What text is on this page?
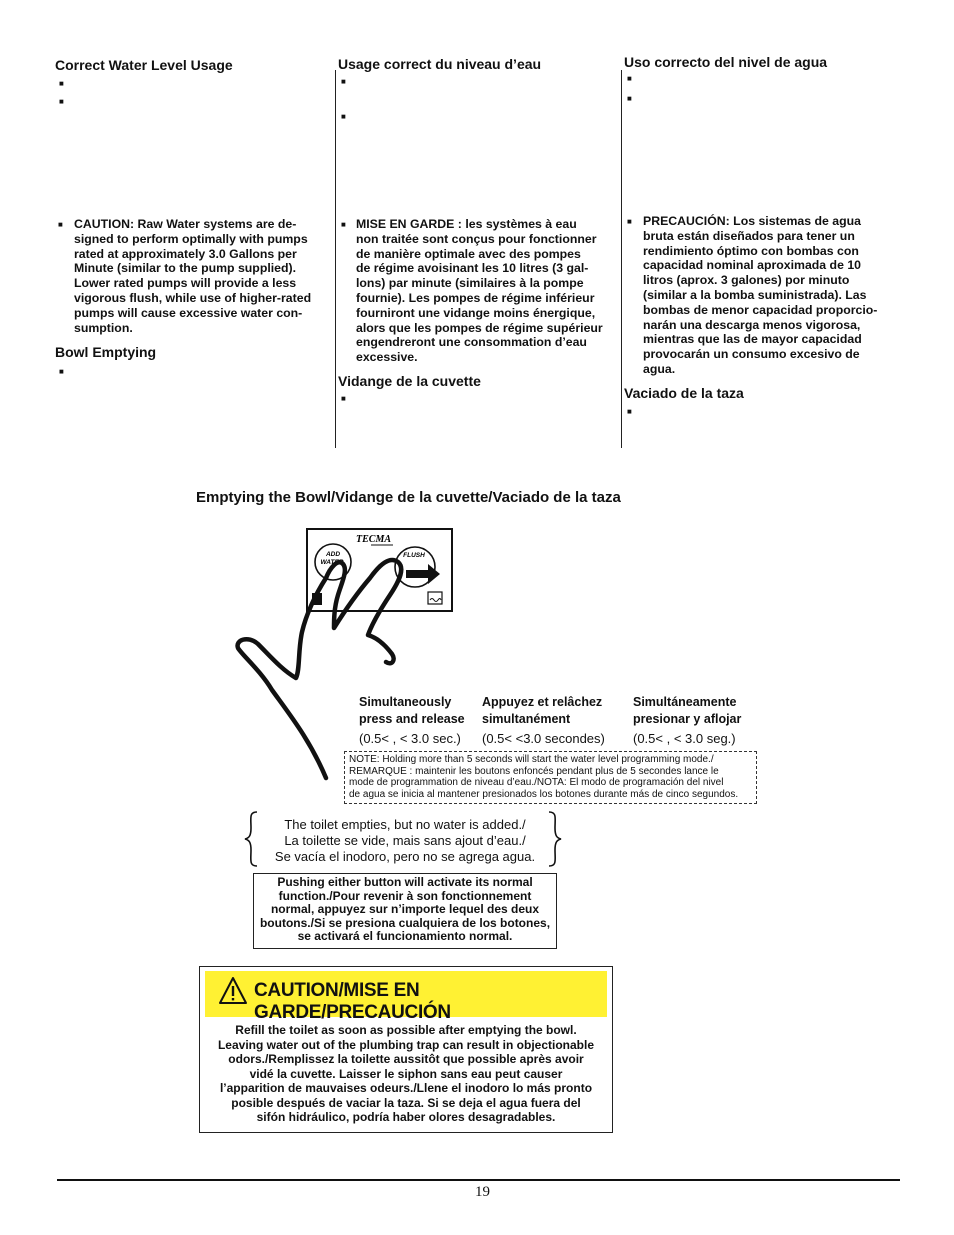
Correct Water Level Usage
■
■
■ CAUTION: Raw Water systems are de-
signed to perform optimally with pumps
rated at approximately 3.0 Gallons per
Minute (similar to the pump supplied).
Lower rated pumps will provide a less
vigorous flush, while use of higher-rated
pumps will cause excessive water con-
sumption.
Bowl Emptying
■
Usage correct du niveau d’eau
■
■
■ MISE EN GARDE : les systèmes à eau
non traitée sont conçus pour fonctionner
de manière optimale avec des pompes
de régime avoisinant les 10 litres (3 gal-
lons) par minute (similaires à la pompe
fournie). Les pompes de régime inférieur
fourniront une vidange moins énergique,
alors que les pompes de régime supérieur
engendreront une consommation d’eau
excessive.
Vidange de la cuvette
■
Uso correcto del nivel de agua
■
■
■ PRECAUCIÓN: Los sistemas de agua
bruta están diseñados para tener un
rendimiento óptimo con bombas con
capacidad nominal aproximada de 10
litros (aprox. 3 galones) por minuto
(similar a la bomba suministrada). Las
bombas de menor capacidad proporcio-
narán una descarga menos vigorosa,
mientras que las de mayor capacidad
provocarán un consumo excesivo de
agua.
Vaciado de la taza
■
Emptying the Bowl/Vidange de la cuvette/Vaciado de la taza
TECMA
ADD
WATER
FLUSH
Simultaneously
press and release
(0.5< , < 3.0 sec.)
Appuyez et relâchez
simultanément
(0.5< <3.0 secondes)
Simultáneamente
presionar y aflojar
(0.5< , < 3.0 seg.)
NOTE: Holding more than 5 seconds will start the water level programming mode./
REMARQUE : maintenir les boutons enfoncés pendant plus de 5 secondes lance le
mode de programmation de niveau d’eau./NOTA: El modo de programación del nivel
de agua se inicia al mantener presionados los botones durante más de cinco segundos.
The toilet empties, but no water is added./
La toilette se vide, mais sans ajout d’eau./
Se vacía el inodoro, pero no se agrega agua.
Pushing either button will activate its normal
function./Pour revenir à son fonctionnement
normal, appuyez sur n’importe lequel des deux
boutons./Si se presiona cualquiera de los botones,
se activará el funcionamiento normal.
CAUTION/MISE EN GARDE/PRECAUCIÓN
Refill the toilet as soon as possible after emptying the bowl.
Leaving water out of the plumbing trap can result in objectionable
odors./Remplissez la toilette aussitôt que possible après avoir
vidé la cuvette. Laisser le siphon sans eau peut causer
l’apparition de mauvaises odeurs./Llene el inodoro lo más pronto
posible después de vaciar la taza. Si se deja el agua fuera del
sifón hidráulico, podría haber olores desagradables.
19
